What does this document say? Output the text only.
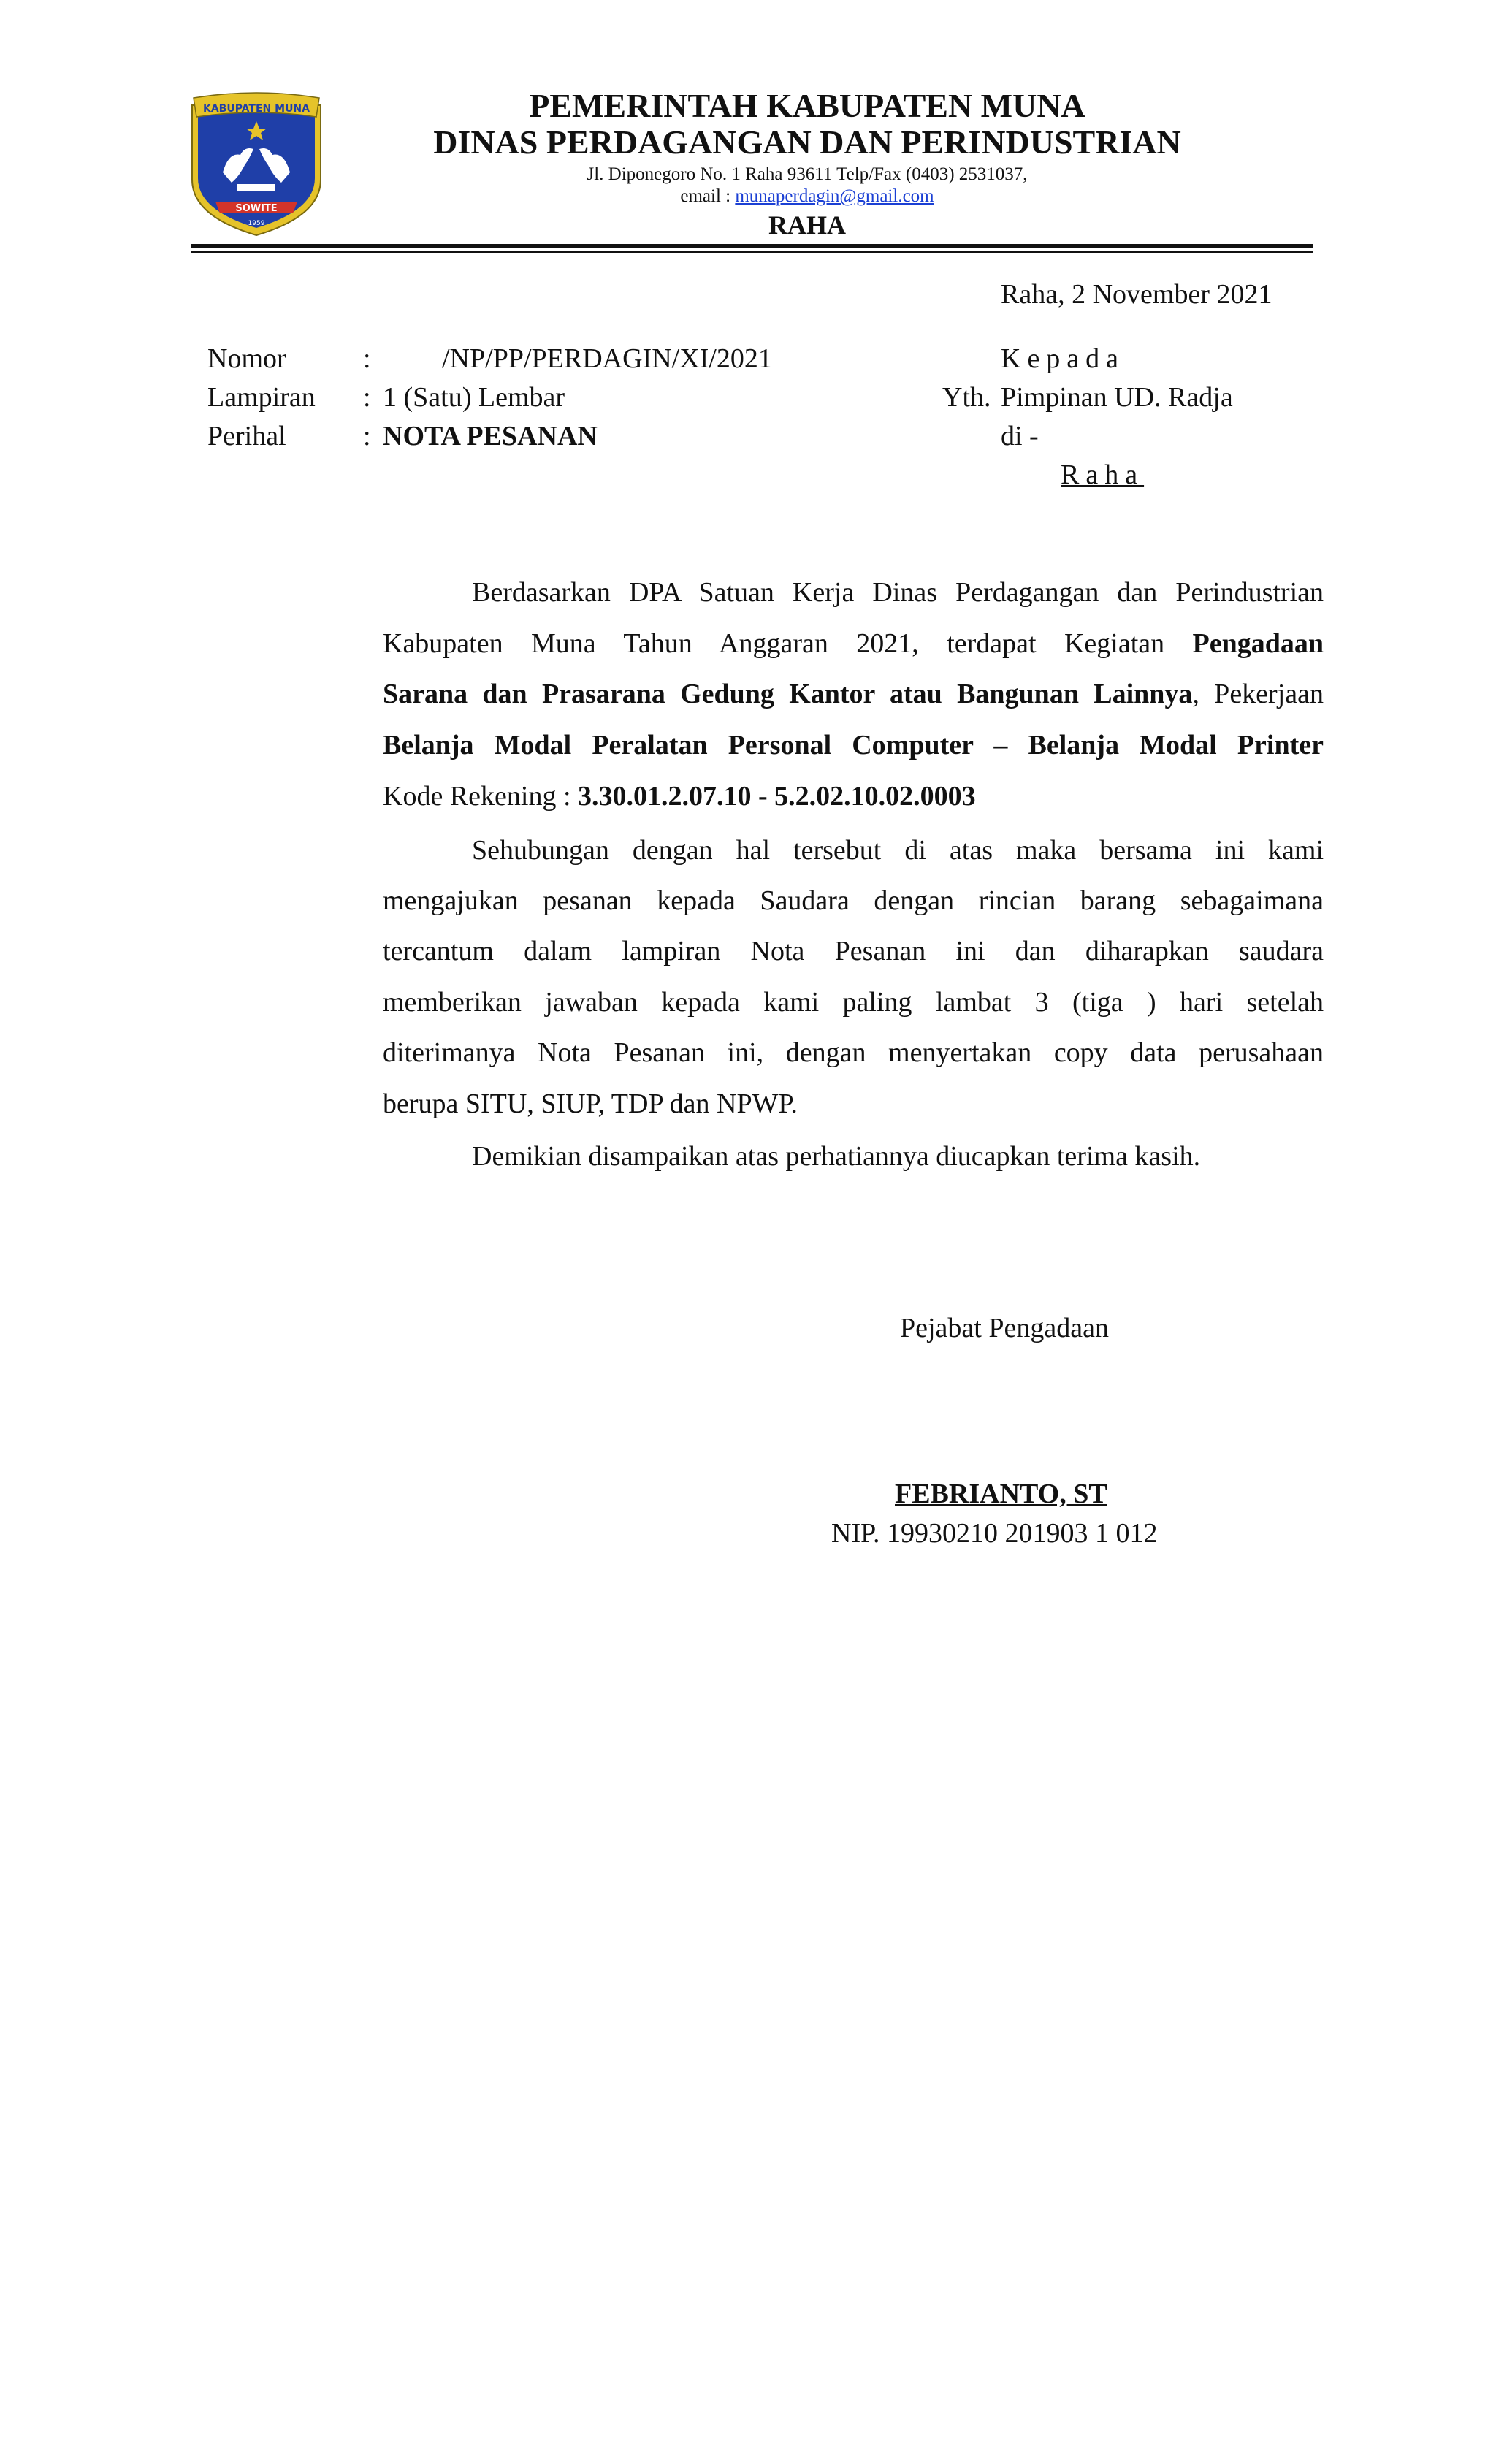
KABUPATEN MUNA
SOWITE
1959
PEMERINTAH KABUPATEN MUNA
DINAS PERDAGANGAN DAN PERINDUSTRIAN
Jl. Diponegoro No. 1 Raha 93611 Telp/Fax (0403) 2531037,
email : munaperdagin@gmail.com
RAHA
Raha, 2 November 2021
Nomor	:	/NP/PP/PERDAGIN/XI/2021
Lampiran : 1 (Satu) Lembar
Perihal	: NOTA PESANAN
Kepada
Yth. Pimpinan UD. Radja
di -
Raha
Berdasarkan DPA Satuan Kerja Dinas Perdagangan dan Perindustrian
Kabupaten Muna Tahun Anggaran 2021, terdapat Kegiatan Pengadaan
Sarana dan Prasarana Gedung Kantor atau Bangunan Lainnya, Pekerjaan
Belanja Modal Peralatan Personal Computer – Belanja Modal Printer
Kode Rekening : 3.30.01.2.07.10 - 5.2.02.10.02.0003
Sehubungan dengan hal tersebut di atas maka bersama ini kami
mengajukan pesanan kepada Saudara dengan rincian barang sebagaimana
tercantum dalam lampiran Nota Pesanan ini dan diharapkan saudara
memberikan jawaban kepada kami paling lambat 3 (tiga ) hari setelah
diterimanya Nota Pesanan ini, dengan menyertakan copy data perusahaan
berupa SITU, SIUP, TDP dan NPWP.
Demikian disampaikan atas perhatiannya diucapkan terima kasih.
Pejabat Pengadaan
FEBRIANTO, ST
NIP. 19930210 201903 1 012
